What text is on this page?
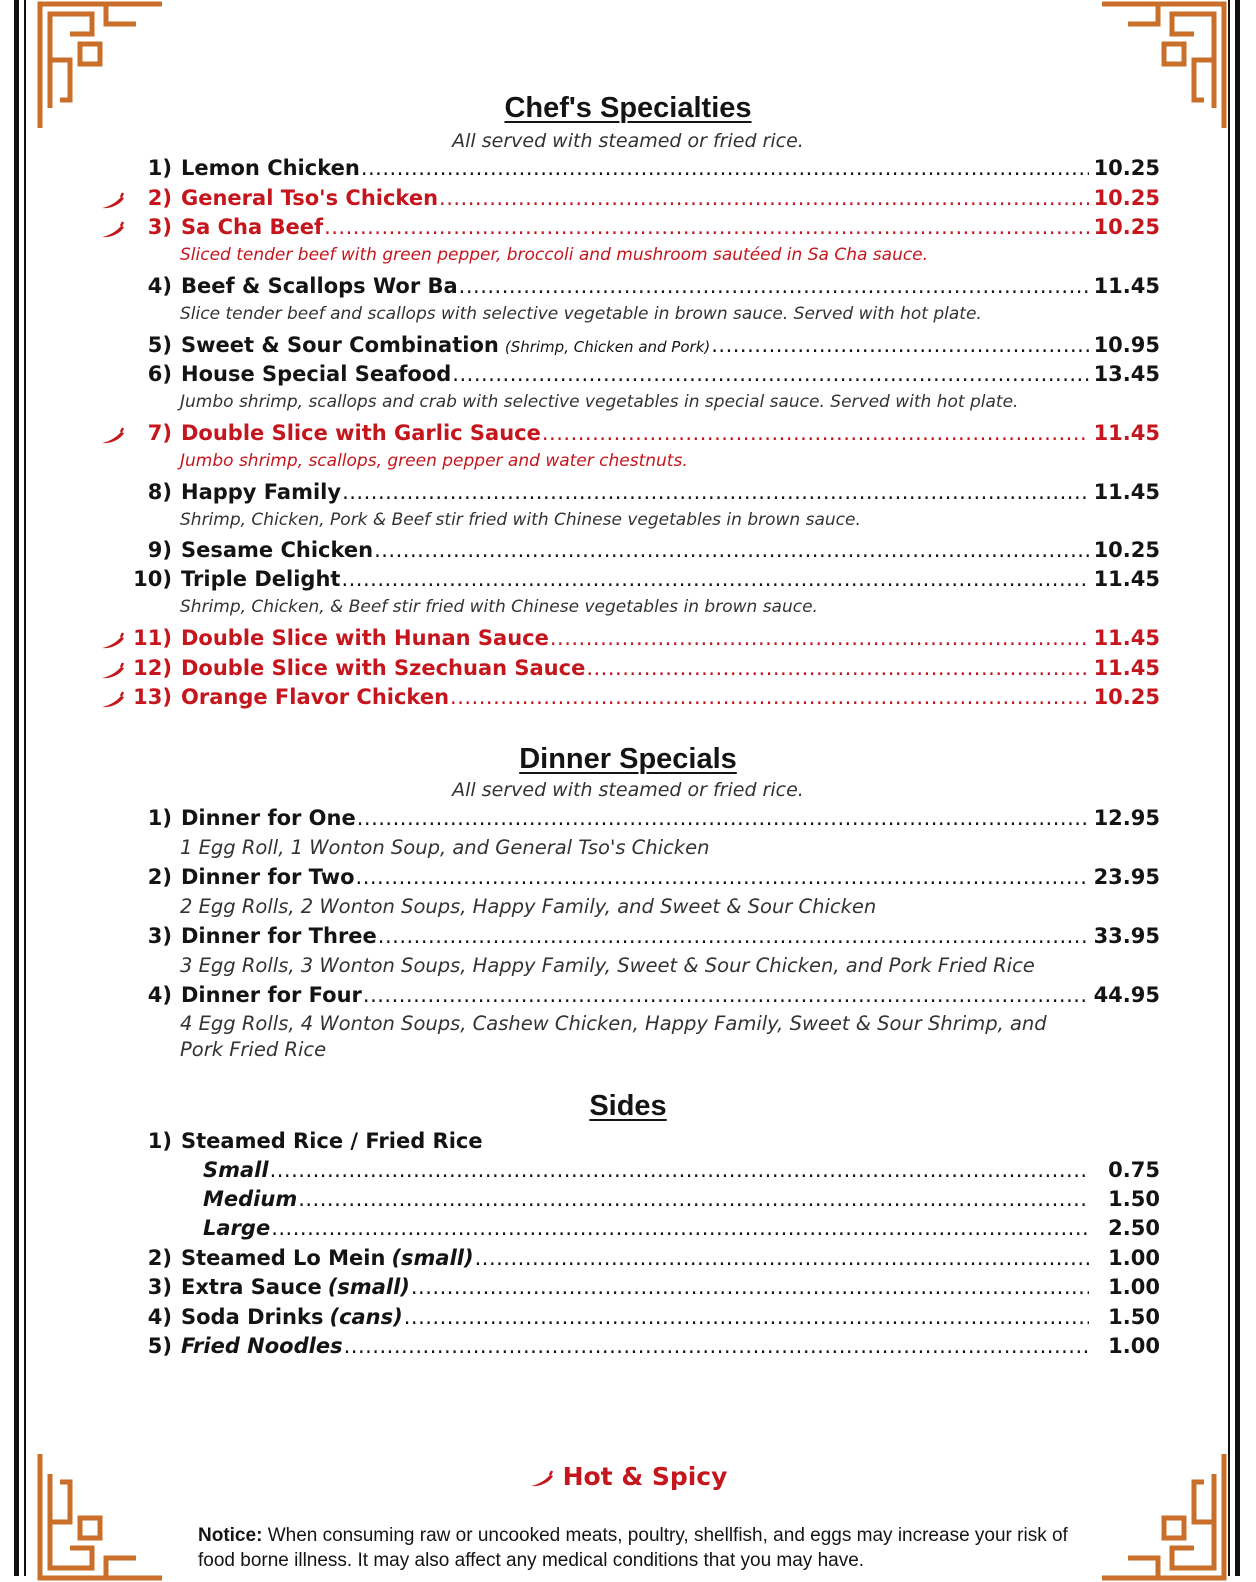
Chef's Specialties
All served with steamed or fried rice.
1) Lemon Chicken .....	10.25
2) General Tso's Chicken .....	10.25
3) Sa Cha Beef .....	10.25
Sliced tender beef with green pepper, broccoli and mushroom sautéed in Sa Cha sauce.
4) Beef & Scallops Wor Ba .....	11.45
Slice tender beef and scallops with selective vegetable in brown sauce. Served with hot plate.
5) Sweet & Sour Combination (Shrimp, Chicken and Pork) .....	10.95
6) House Special Seafood .....	13.45
Jumbo shrimp, scallops and crab with selective vegetables in special sauce. Served with hot plate.
7) Double Slice with Garlic Sauce .....	11.45
Jumbo shrimp, scallops, green pepper and water chestnuts.
8) Happy Family .....	11.45
Shrimp, Chicken, Pork & Beef stir fried with Chinese vegetables in brown sauce.
9) Sesame Chicken .....	10.25
10) Triple Delight .....	11.45
Shrimp, Chicken, & Beef stir fried with Chinese vegetables in brown sauce.
11) Double Slice with Hunan Sauce .....	11.45
12) Double Slice with Szechuan Sauce .....	11.45
13) Orange Flavor Chicken .....	10.25
Dinner Specials
All served with steamed or fried rice.
1) Dinner for One .....	12.95
1 Egg Roll, 1 Wonton Soup, and General Tso's Chicken
2) Dinner for Two .....	23.95
2 Egg Rolls, 2 Wonton Soups, Happy Family, and Sweet & Sour Chicken
3) Dinner for Three .....	33.95
3 Egg Rolls, 3 Wonton Soups, Happy Family, Sweet & Sour Chicken, and Pork Fried Rice
4) Dinner for Four .....	44.95
4 Egg Rolls, 4 Wonton Soups, Cashew Chicken, Happy Family, Sweet & Sour Shrimp, and Pork Fried Rice
Sides
1) Steamed Rice / Fried Rice
Small .....	0.75
Medium .....	1.50
Large .....	2.50
2) Steamed Lo Mein (small) .....	1.00
3) Extra Sauce (small) .....	1.00
4) Soda Drinks (cans) .....	1.50
5) Fried Noodles .....	1.00
Hot & Spicy
Notice: When consuming raw or uncooked meats, poultry, shellfish, and eggs may increase your risk of food borne illness. It may also affect any medical conditions that you may have.
